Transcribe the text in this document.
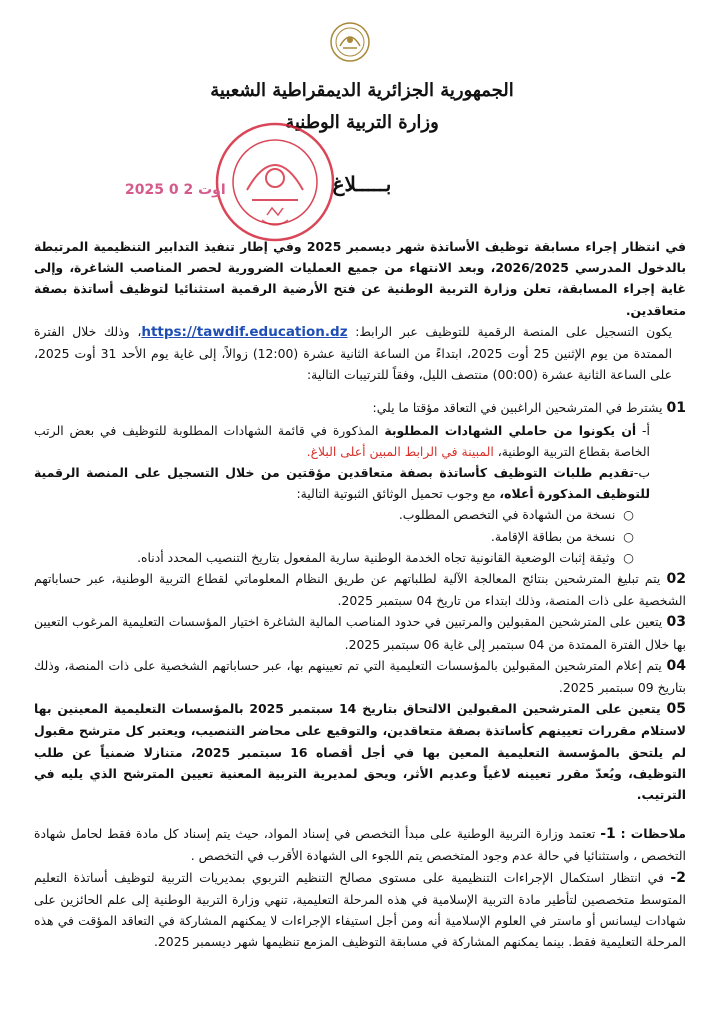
الجمهورية الجزائرية الديمقراطية الشعبية
وزارة التربية الوطنية
2025 اوت 2 0	بـــــلاغ

في انتظار إجراء مسابقة توظيف الأساتذة شهر ديسمبر 2025 وفي إطار تنفيذ التدابير التنظيمية المرتبطة بالدخول المدرسي 2026/2025، وبعد الانتهاء من جميع العمليات الضرورية لحصر المناصب الشاغرة، وإلى غاية إجراء المسابقة، تعلن وزارة التربية الوطنية عن فتح الأرضية الرقمية استثنائيا لتوظيف أساتذة بصفة متعاقدين.

يكون التسجيل على المنصة الرقمية للتوظيف عبر الرابط: https://tawdif.education.dz، وذلك خلال الفترة الممتدة من يوم الإثنين 25 أوت 2025، ابتداءً من الساعة الثانية عشرة (12:00) زوالاً، إلى غاية يوم الأحد 31 أوت 2025، على الساعة الثانية عشرة (00:00) منتصف الليل، وفقاً للترتيبات التالية:

01 يشترط في المترشحين الراغبين في التعاقد مؤقتا ما يلي:

أ- أن يكونوا من حاملي الشهادات المطلوبة المذكورة في قائمة الشهادات المطلوبة للتوظيف في بعض الرتب الخاصة بقطاع التربية الوطنية، المبينة في الرابط المبين أعلى البلاغ.

ب-تقديم طلبات التوظيف كأساتذة بصفة متعاقدين مؤقتين من خلال التسجيل على المنصة الرقمية للتوظيف المذكورة أعلاه، مع وجوب تحميل الوثائق الثبوتية التالية:

○  نسخة من الشهادة في التخصص المطلوب.

○  نسخة من بطاقة الإقامة.

○  وثيقة إثبات الوضعية القانونية تجاه الخدمة الوطنية سارية المفعول بتاريخ التنصيب المحدد أدناه.

02 يتم تبليغ المترشحين بنتائج المعالجة الآلية لطلباتهم عن طريق النظام المعلوماتي لقطاع التربية الوطنية، عبر حساباتهم الشخصية على ذات المنصة، وذلك ابتداء من تاريخ 04 سبتمبر 2025.

03 يتعين على المترشحين المقبولين والمرتبين في حدود المناصب المالية الشاغرة اختيار المؤسسات التعليمية المرغوب التعيين بها خلال الفترة الممتدة من 04 سبتمبر إلى غاية 06 سبتمبر 2025.

04 يتم إعلام المترشحين المقبولين بالمؤسسات التعليمية التي تم تعيينهم بها، عبر حساباتهم الشخصية على ذات المنصة، وذلك بتاريخ 09 سبتمبر 2025.

05 يتعين على المترشحين المقبولين الالتحاق بتاريخ 14 سبتمبر 2025 بالمؤسسات التعليمية المعينين بها لاستلام مقررات تعيينهم كأساتذة بصفة متعاقدين، والتوقيع على محاضر التنصيب، ويعتبر كل مترشح مقبول لم يلتحق بالمؤسسة التعليمية المعين بها في أجل أقصاه 16 سبتمبر 2025، متنازلا ضمنياً عن طلب التوظيف، ويُعدّ مقرر تعيينه لاغياً وعديم الأثر، ويحق لمديرية التربية المعنية تعيين المترشح الذي يليه في الترتيب.

ملاحظات : 1- تعتمد وزارة التربية الوطنية على مبدأ التخصص في إسناد المواد، حيث يتم إسناد كل مادة فقط لحامل شهادة التخصص ، واستثنائيا في حالة عدم وجود المتخصص يتم اللجوء الى الشهادة الأقرب في التخصص .

2- في انتظار استكمال الإجراءات التنظيمية على مستوى مصالح التنظيم التربوي بمديريات التربية لتوظيف أساتذة التعليم المتوسط متخصصين لتأطير مادة التربية الإسلامية في هذه المرحلة التعليمية، تنهي وزارة التربية الوطنية إلى علم الحائزين على شهادات ليسانس أو ماستر في العلوم الإسلامية أنه ومن أجل استيفاء الإجراءات لا يمكنهم المشاركة في التعاقد المؤقت في هذه المرحلة التعليمية فقط. بينما يمكنهم المشاركة في مسابقة التوظيف المزمع تنظيمها شهر ديسمبر 2025.
